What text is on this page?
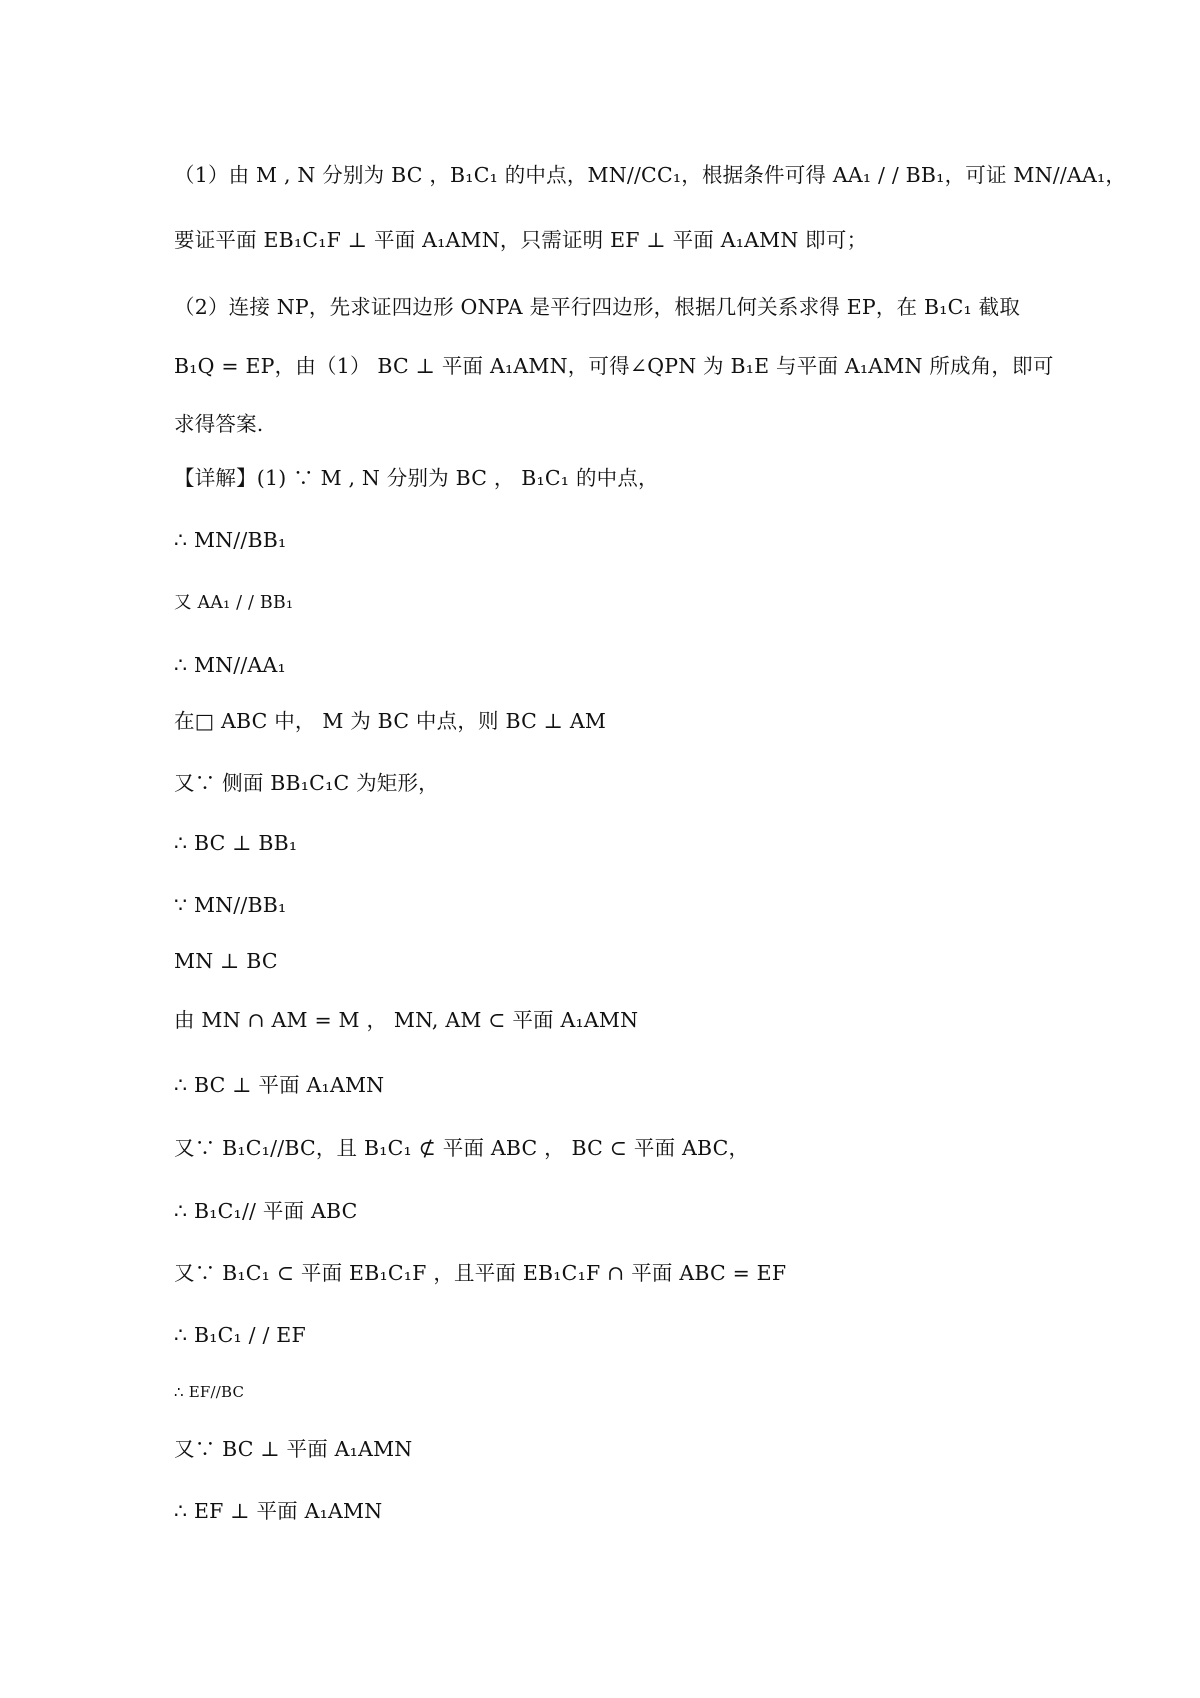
（1）由 M , N 分别为 BC ，B₁C₁ 的中点，MN//CC₁，根据条件可得 AA₁ / / BB₁，可证 MN//AA₁，
要证平面 EB₁C₁F ⊥ 平面 A₁AMN，只需证明 EF ⊥ 平面 A₁AMN 即可；
（2）连接 NP，先求证四边形 ONPA 是平行四边形，根据几何关系求得 EP，在 B₁C₁ 截取
B₁Q = EP，由（1） BC ⊥ 平面 A₁AMN，可得∠QPN 为 B₁E 与平面 A₁AMN 所成角，即可
求得答案.
【详解】(1) ∵ M , N 分别为 BC ， B₁C₁ 的中点，
∴ MN//BB₁
又 AA₁ / / BB₁
∴ MN//AA₁
在□ ABC 中， M 为 BC 中点，则 BC ⊥ AM
又∵ 侧面 BB₁C₁C 为矩形，
∴ BC ⊥ BB₁
∵ MN//BB₁
MN ⊥ BC
由 MN ∩ AM = M ， MN, AM ⊂ 平面 A₁AMN
∴ BC ⊥ 平面 A₁AMN
又∵ B₁C₁//BC，且 B₁C₁ ⊄ 平面 ABC ， BC ⊂ 平面 ABC，
∴ B₁C₁// 平面 ABC
又∵ B₁C₁ ⊂ 平面 EB₁C₁F ，且平面 EB₁C₁F ∩ 平面 ABC = EF
∴ B₁C₁ / / EF
∴ EF//BC
又∵ BC ⊥ 平面 A₁AMN
∴ EF ⊥ 平面 A₁AMN
